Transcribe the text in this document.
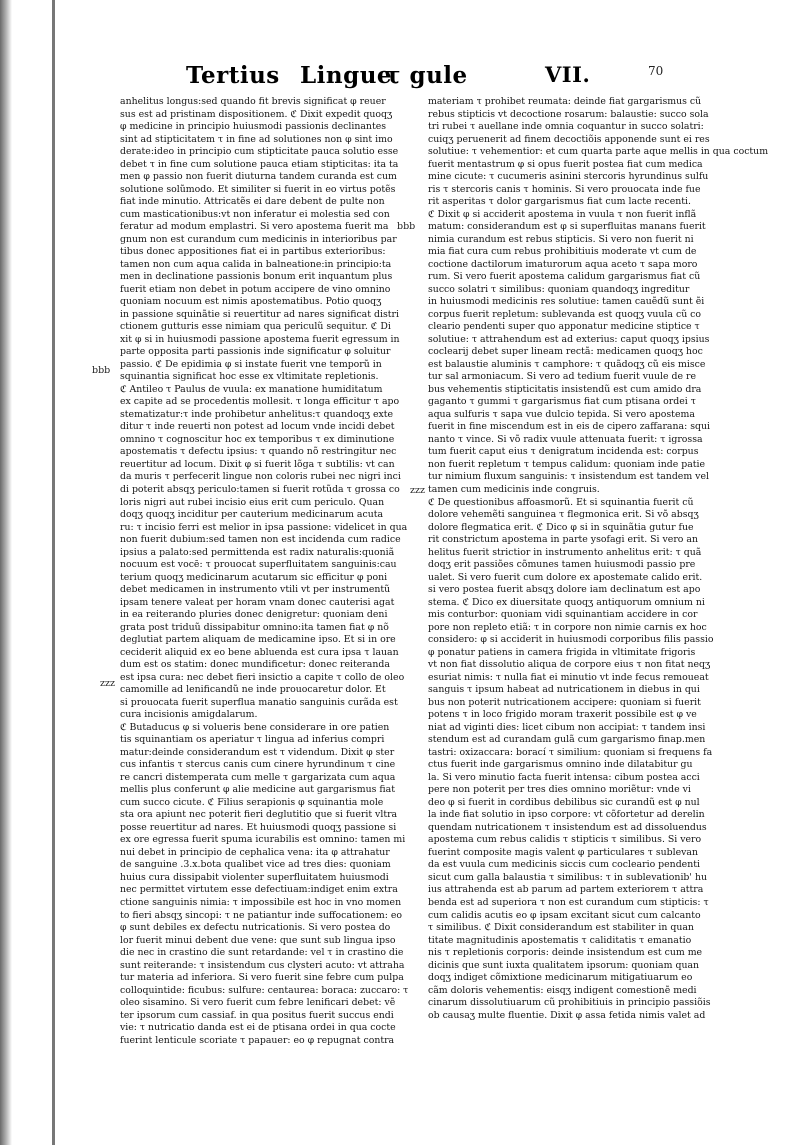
Tertius Lingue
τ gule	VII.	70
bbb
zzz
bbb
zzz
anhelitus longus:sed quando fit brevis significat φ reuer
sus est ad pristinam dispositionem. ℭ Dixit expedit quoqʒ
φ medicine in principio huiusmodi passionis declinantes
sint ad stipticitatem τ in fine ad solutiones non φ sint imo
derate:ideo in principio cum stipticitate pauca solutio esse
debet τ in fine cum solutione pauca etiam stipticitas: ita ta
men φ passio non fuerit diuturna tandem curanda est cum
solutione solũmodo. Et similiter si fuerit in eo virtus potẽs
fiat inde minutio. Attricatẽs ei dare debent de pulte non
cum masticationibus:vt non inferatur ei molestia sed con
feratur ad modum emplastri. Si vero apostema fuerit ma
gnum non est curandum cum medicinis in interioribus par
tibus donec appositiones fiat ei in partibus exterioribus:
tamen non cum aqua calida in balneatione:in principio:ta
men in declinatione passionis bonum erit inquantum plus
fuerit etiam non debet in potum accipere de vino omnino
quoniam nocuum est nimis apostematibus. Potio quoqʒ
in passione squinãtie si reuertitur ad nares significat distri
ctionem gutturis esse nimiam qua periculũ sequitur. ℭ Di
xit φ si in huiusmodi passione apostema fuerit egressum in
parte opposita parti passionis inde significatur φ soluitur
passio. ℭ De epidimia φ si instate fuerit vne temporũ in
squinantia significat hoc esse ex vltimitate repletionis.
ℭ Antileo τ Paulus de vuula: ex manatione humiditatum
ex capite ad se procedentis mollesit. τ longa efficitur τ apo
stematizatur:τ inde prohibetur anhelitus:τ quandoqʒ exte
ditur τ inde reuerti non potest ad locum vnde incidi debet
omnino τ cognoscitur hoc ex temporibus τ ex diminutione
apostematis τ defectu ipsius: τ quando nõ restringitur nec
reuertitur ad locum. Dixit φ si fuerit lõga τ subtilis: vt can
da muris τ perfecerit lingue non coloris rubei nec nigri inci
di poterit absqʒ periculo:tamen si fuerit rotũda τ grossa co
loris nigri aut rubei incisio eius erit cum periculo. Quan
doqʒ quoqʒ inciditur per cauterium medicinarum acuta
ru: τ incisio ferri est melior in ipsa passione: videlicet in qua
non fuerit dubium:sed tamen non est incidenda cum radice
ipsius a palato:sed permittenda est radix naturalis:quoniã
nocuum est vocē: τ prouocat superfluitatem sanguinis:cau
terium quoqʒ medicinarum acutarum sic efficitur φ poni
debet medicamen in instrumento vtili vt per instrumentũ
ipsam tenere valeat per horam vnam donec cauterisi agat
in ea reiterando pluries donec denigretur: quoniam deni
grata post triduũ dissipabitur omnino:ita tamen fiat φ nõ
deglutiat partem aliquam de medicamine ipso. Et si in ore
ceciderit aliquid ex eo bene abluenda est cura ipsa τ lauan
dum est os statim: donec mundificetur: donec reiteranda
est ipsa cura: nec debet fieri insictio a capite τ collo de oleo
camomille ad lenificandũ ne inde prouocaretur dolor. Et
si prouocata fuerit superflua manatio sanguinis curãda est
cura incisionis amigdalarum.
ℭ Butaducus φ si volueris bene considerare in ore patien
tis squinantiam os aperiatur τ lingua ad inferius compri
matur:deinde considerandum est τ videndum. Dixit φ ster
cus infantis τ stercus canis cum cinere hyrundinum τ cine
re cancri distemperata cum melle τ gargarizata cum aqua
mellis plus conferunt φ alie medicine aut gargarismus fiat
cum succo cicute. ℭ Filius serapionis φ squinantia mole
sta ora apiunt nec poterit fieri deglutitio que si fuerit vltra
posse reuertitur ad nares. Et huiusmodi quoqʒ passione si
ex ore egressa fuerit spuma icurabilis est omnino: tamen mi
nui debet in principio de cephalica vena: ita φ attrahatur
de sanguine .3.x.bota qualibet vice ad tres dies: quoniam
huius cura dissipabit violenter superfluitatem huiusmodi
nec permittet virtutem esse defectiuam:indiget enim extra
ctione sanguinis nimia: τ impossibile est hoc in vno momen
to fieri absqʒ sincopi: τ ne patiantur inde suffocationem: eo
φ sunt debiles ex defectu nutricationis. Si vero postea do
lor fuerit minui debent due vene: que sunt sub lingua ipso
die nec in crastino die sunt retardande: vel τ in crastino die
sunt reiterande: τ insistendum cus clysteri acuto: vt attraha
tur materia ad inferiora. Si vero fuerit sine febre cum pulpa
colloquintide: ficubus: sulfure: centaurea: boraca: zuccaro: τ
oleo sisamino. Si vero fuerit cum febre lenificari debet: vẽ
ter ipsorum cum cassiaf. in qua positus fuerit succus endi
vie: τ nutricatio danda est ei de ptisana ordei in qua cocte
fuerint lenticule scoriate τ papauer: eo φ repugnat contra
materiam τ prohibet reumata: deinde fiat gargarismus cũ
rebus stipticis vt decoctione rosarum: balaustie: succo sola
tri rubei τ auellane inde omnia coquantur in succo solatri:
cuiqʒ peruenerit ad finem decoctiõis apponende sunt ei res
solutiue: τ vehementior: et cum quarta parte aque mellis in qua coctum
fuerit mentastrum φ si opus fuerit postea fiat cum medica
mine cicute: τ cucumeris asinini stercoris hyrundinus sulfu
ris τ stercoris canis τ hominis. Si vero prouocata inde fue
rit asperitas τ dolor gargarismus fiat cum lacte recenti.
ℭ Dixit φ si acciderit apostema in vuula τ non fuerit inflã
matum: considerandum est φ si superfluitas manans fuerit
nimia curandum est rebus stipticis. Si vero non fuerit ni
mia fiat cura cum rebus prohibitiuis moderate vt cum de
coctione dactilorum imaturorum aqua aceto τ sapa moro
rum. Si vero fuerit apostema calidum gargarismus fiat cũ
succo solatri τ similibus: quoniam quandoqʒ ingreditur
in huiusmodi medicinis res solutiue: tamen cauẽdũ sunt ẽi
corpus fuerit repletum: sublevanda est quoqʒ vuula cũ co
cleario pendenti super quo apponatur medicine stiptice τ
solutiue: τ attrahendum est ad exterius: caput quoqʒ ipsius
coclearij debet super lineam rectã: medicamen quoqʒ hoc
est balaustie aluminis τ camphore: τ quãdoqʒ cũ eis misce
tur sal armoniacum. Si vero ad tedium fuerit vuule de re
bus vehementis stipticitatis insistendũ est cum amido dra
gaganto τ gummi τ gargarismus fiat cum ptisana ordei τ
aqua sulfuris τ sapa vue dulcio tepida. Si vero apostema
fuerit in fine miscendum est in eis de cipero zaffarana: squi
nanto τ vince. Si võ radix vuule attenuata fuerit: τ igrossa
tum fuerit caput eius τ denigratum incidenda est: corpus
non fuerit repletum τ tempus calidum: quoniam inde patie
tur nimium fluxum sanguinis: τ insistendum est tandem vel
tamen cum medicinis inde congruis.
ℭ De questionibus affoasmorũ. Et si squinantia fuerit cũ
dolore vehemẽti sanguinea τ flegmonica erit. Si võ absqʒ
dolore flegmatica erit. ℭ Dico φ si in squinãtia gutur fue
rit constrictum apostema in parte ysofagi erit. Si vero an
helitus fuerit strictior in instrumento anhelitus erit: τ quã
doqʒ erit passiões cõmunes tamen huiusmodi passio pre
ualet. Si vero fuerit cum dolore ex apostemate calido erit.
si vero postea fuerit absqʒ dolore iam declinatum est apo
stema. ℭ Dico ex diuersitate quoqʒ antiquorum omnium ni
mis conturbor: quoniam vidi squinantiam accidere in cor
pore non repleto etiã: τ in corpore non nimie carnis ex hoc
considero: φ si acciderit in huiusmodi corporibus filis passio
φ ponatur patiens in camera frigida in vltimitate frigoris
vt non fiat dissolutio aliqua de corpore eius τ non fitat neqʒ
esuriat nimis: τ nulla fiat ei minutio vt inde fecus remoueat
sanguis τ ipsum habeat ad nutricationem in diebus in qui
bus non poterit nutricationem accipere: quoniam si fuerit
potens τ in loco frigido moram traxerit possibile est φ ve
niat ad viginti dies: licet cibum non accipiat: τ tandem insi
stendum est ad curandam gulã cum gargarismo finap.men
tastri: oxizaccara: borací τ similium: quoniam si frequens fa
ctus fuerit inde gargarismus omnino inde dilatabitur gu
la. Si vero minutio facta fuerit intensa: cibum postea acci
pere non poterit per tres dies omnino moriẽtur: vnde vi
deo φ si fuerit in cordibus debilibus sic curandũ est φ nul
la inde fiat solutio in ipso corpore: vt cõfortetur ad derelin
quendam nutricationem τ insistendum est ad dissoluendus
apostema cum rebus calidis τ stipticis τ similibus. Si vero
fuerint composite magis valent φ particulares τ sublevan
da est vuula cum medicinis siccis cum cocleario pendenti
sicut cum galla balaustia τ similibus: τ in sublevationib' hu
ius attrahenda est ab parum ad partem exteriorem τ attra
benda est ad superiora τ non est curandum cum stipticis: τ
cum calidis acutis eo φ ipsam excitant sicut cum calcanto
τ similibus. ℭ Dixit considerandum est stabiliter in quan
titate magnitudinis apostematis τ caliditatis τ emanatio
nis τ repletionis corporis: deinde insistendum est cum me
dicinis que sunt iuxta qualitatem ipsorum: quoniam quan
doqʒ indiget cõmixtione medicinarum mitigatiuarum eo
cãm doloris vehementis: eisqʒ indigent comestionẽ medi
cinarum dissolutiuarum cũ prohibitiuis in principio passiõis
ob causaʒ multe fluentie. Dixit φ assa fetida nimis valet ad
